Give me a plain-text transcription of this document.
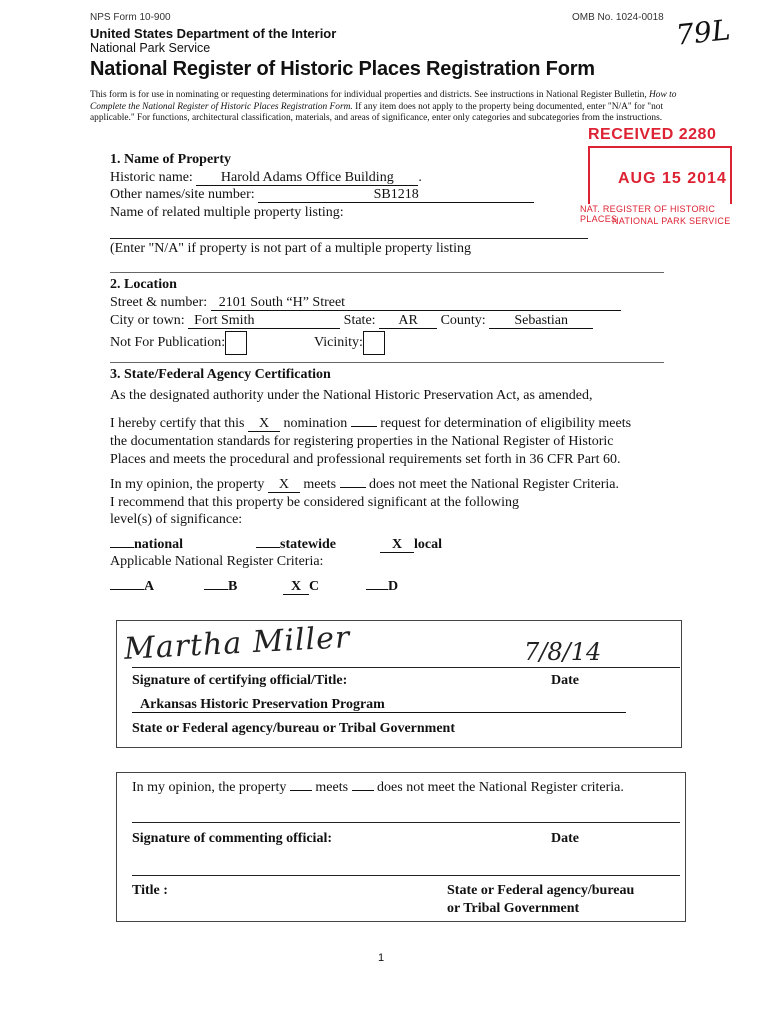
NPS Form 10-900	OMB No. 1024-0018 79L
United States Department of the Interior
National Park Service
National Register of Historic Places Registration Form
This form is for use in nominating or requesting determinations for individual properties and districts. See instructions in National Register Bulletin, How to Complete the National Register of Historic Places Registration Form. If any item does not apply to the property being documented, enter "N/A" for "not applicable." For functions, architectural classification, materials, and areas of significance, enter only categories and subcategories from the instructions.
RECEIVED 2280
AUG 15 2014
NAT. REGISTER OF HISTORIC PLACES
NATIONAL PARK SERVICE
1. Name of Property
Historic name: Harold Adams Office Building .
Other names/site number:	SB1218
Name of related multiple property listing:
(Enter "N/A" if property is not part of a multiple property listing
2. Location
Street & number: 2101 South “H” Street
City or town: Fort Smith	State: AR County: Sebastian
Not For Publication:	Vicinity:
3. State/Federal Agency Certification
As the designated authority under the National Historic Preservation Act, as amended,
I hereby certify that this X nomination  request for determination of eligibility meets
the documentation standards for registering properties in the National Register of Historic
Places and meets the procedural and professional requirements set forth in 36 CFR Part 60.
In my opinion, the property X meets  does not meet the National Register Criteria.
I recommend that this property be considered significant at the following
level(s) of significance:
national	statewide	X local
Applicable National Register Criteria:
A	B	X C	D
Martha Miller	7/8/14
Signature of certifying official/Title:	Date
Arkansas Historic Preservation Program
State or Federal agency/bureau or Tribal Government
In my opinion, the property  meets  does not meet the National Register criteria.
Signature of commenting official:	Date
Title :	State or Federal agency/bureau
or Tribal Government
1
